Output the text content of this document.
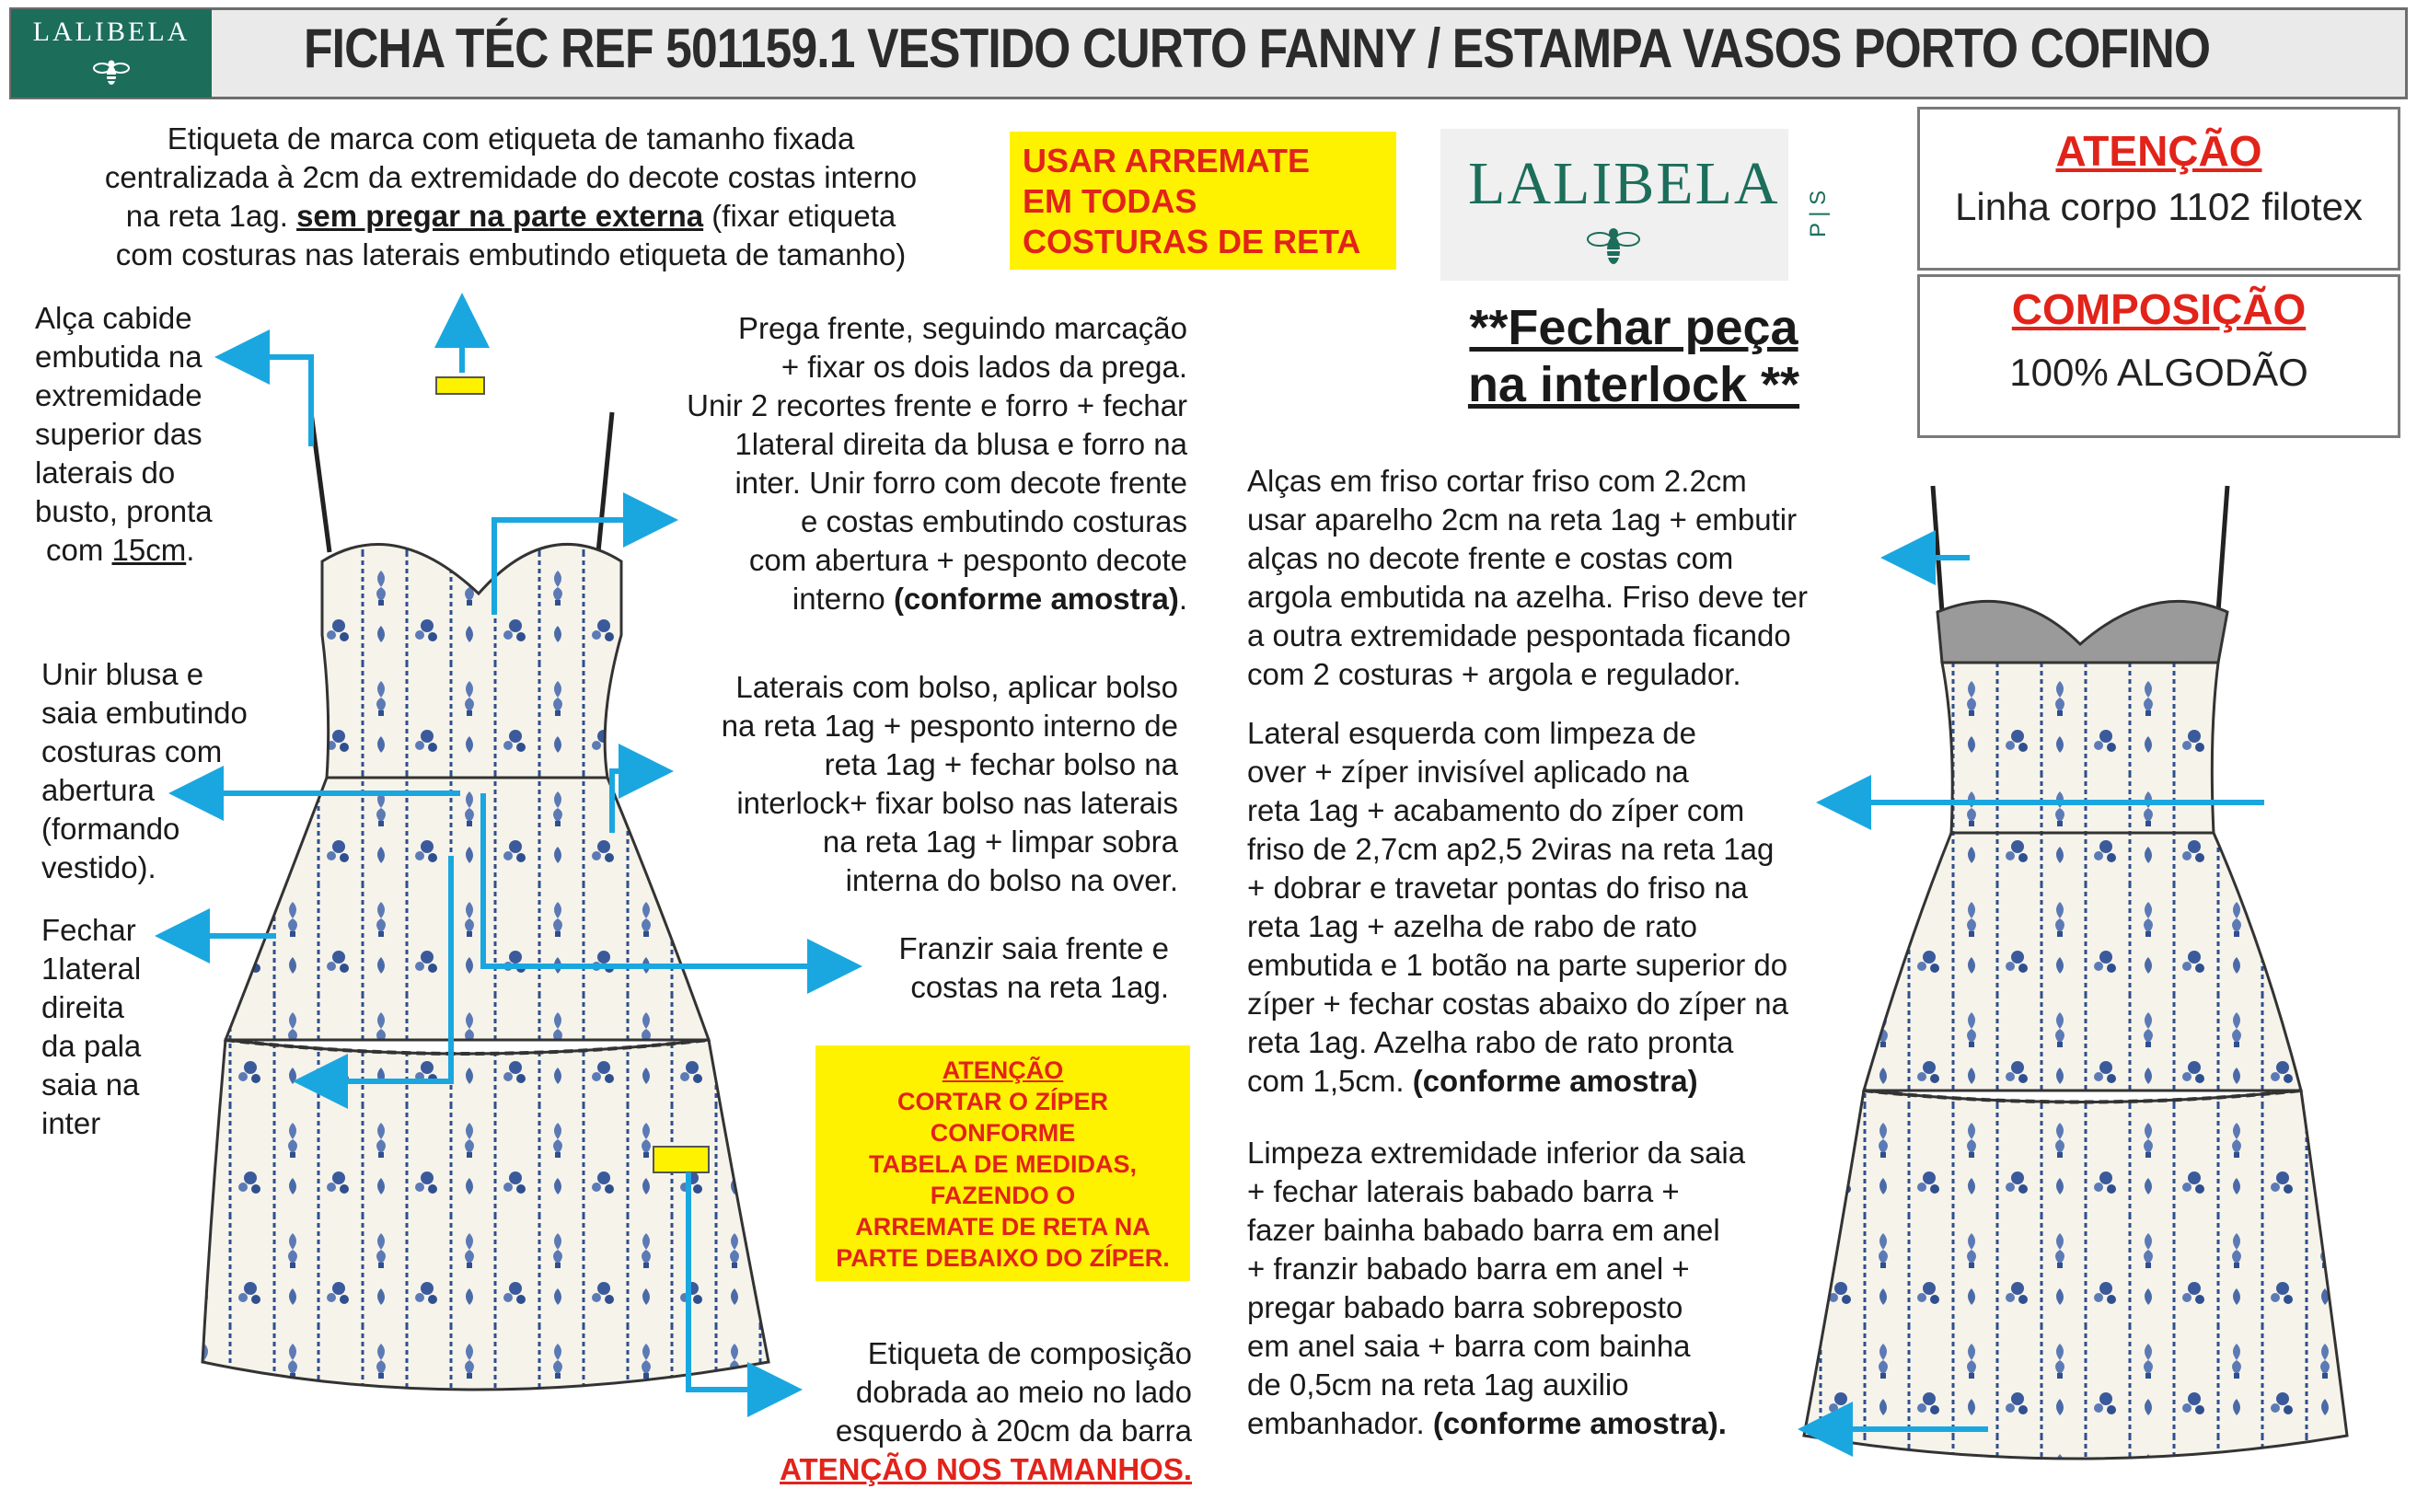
LALIBELA	FICHA TÉC REF 501159.1 VESTIDO CURTO FANNY / ESTAMPA VASOS PORTO COFINO
Etiqueta de marca com etiqueta de tamanho fixada
centralizada à 2cm da extremidade do decote costas interno
na reta 1ag. sem pregar na parte externa (fixar etiqueta
com costuras nas laterais embutindo etiqueta de tamanho)
Alça cabide
embutida na
extremidade
superior das
laterais do
busto, pronta
com 15cm.
Prega frente, seguindo marcação
+ fixar os dois lados da prega.
Unir 2 recortes frente e forro + fechar
1lateral direita da blusa e forro na
inter. Unir forro com decote frente
e costas embutindo costuras
com abertura + pesponto decote
interno (conforme amostra).
Unir blusa e
saia embutindo
costuras com
abertura
(formando
vestido).
Laterais com bolso, aplicar bolso
na reta 1ag + pesponto interno de
reta 1ag + fechar bolso na
interlock+ fixar bolso nas laterais
na reta 1ag + limpar sobra
interna do bolso na over.
Fechar
1lateral
direita
da pala
saia na
inter
Franzir saia frente e
costas na reta 1ag.
Etiqueta de composição
dobrada ao meio no lado
esquerdo à 20cm da barra
ATENÇÃO NOS TAMANHOS.
USAR ARREMATE
EM TODAS
COSTURAS DE RETA
ATENÇÃO
CORTAR O ZÍPER
CONFORME
TABELA DE MEDIDAS,
FAZENDO O
ARREMATE DE RETA NA
PARTE DEBAIXO DO ZÍPER.
LALIBELA P | S
**Fechar peça
na interlock **
ATENÇÃO
Linha corpo 1102 filotex
COMPOSIÇÃO
100% ALGODÃO
Alças em friso cortar friso com 2.2cm
usar aparelho 2cm na reta 1ag + embutir
alças no decote frente e costas com
argola embutida na azelha. Friso deve ter
a outra extremidade pespontada ficando
com 2 costuras + argola e regulador.
Lateral esquerda com limpeza de
over + zíper invisível aplicado na
reta 1ag + acabamento do zíper com
friso de 2,7cm ap2,5 2viras na reta 1ag
+ dobrar e travetar pontas do friso na
reta 1ag + azelha de rabo de rato
embutida e 1 botão na parte superior do
zíper + fechar costas abaixo do zíper na
reta 1ag. Azelha rabo de rato pronta
com 1,5cm. (conforme amostra)
Limpeza extremidade inferior da saia
+ fechar laterais babado barra +
fazer bainha babado barra em anel
+ franzir babado barra em anel +
pregar babado barra sobreposto
em anel saia + barra com bainha
de 0,5cm na reta 1ag auxilio
embanhador. (conforme amostra).
